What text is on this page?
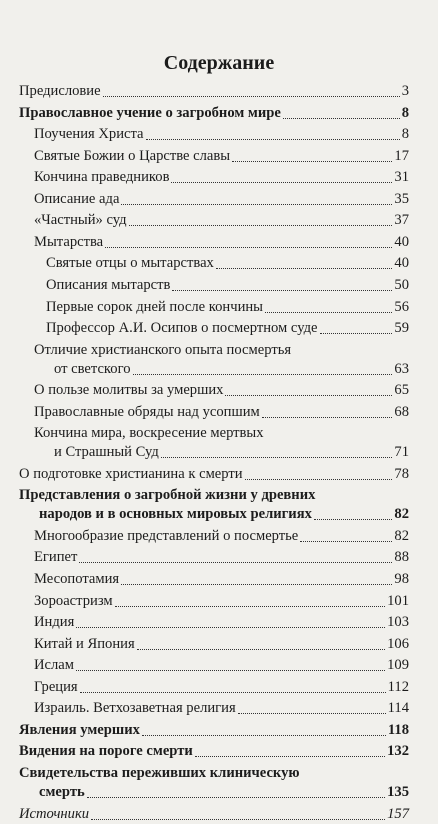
Содержание
Предисловие	3
Православное учение о загробном мире	8
Поучения Христа	8
Святые Божии о Царстве славы	17
Кончина праведников	31
Описание ада	35
«Частный» суд	37
Мытарства	40
Святые отцы о мытарствах	40
Описания мытарств	50
Первые сорок дней после кончины	56
Профессор А.И. Осипов о посмертном суде	59
Отличие христианского опыта посмертья
от светского	63
О пользе молитвы за умерших	65
Православные обряды над усопшим	68
Кончина мира, воскресение мертвых
и Страшный Суд	71
О подготовке христианина к смерти	78
Представления о загробной жизни у древних
народов и в основных мировых религиях	82
Многообразие представлений о посмертье	82
Египет	88
Месопотамия	98
Зороастризм	101
Индия	103
Китай и Япония	106
Ислам	109
Греция	112
Израиль. Ветхозаветная религия	114
Явления умерших	118
Видения на пороге смерти	132
Свидетельства переживших клиническую
смерть	135
Источники	157
